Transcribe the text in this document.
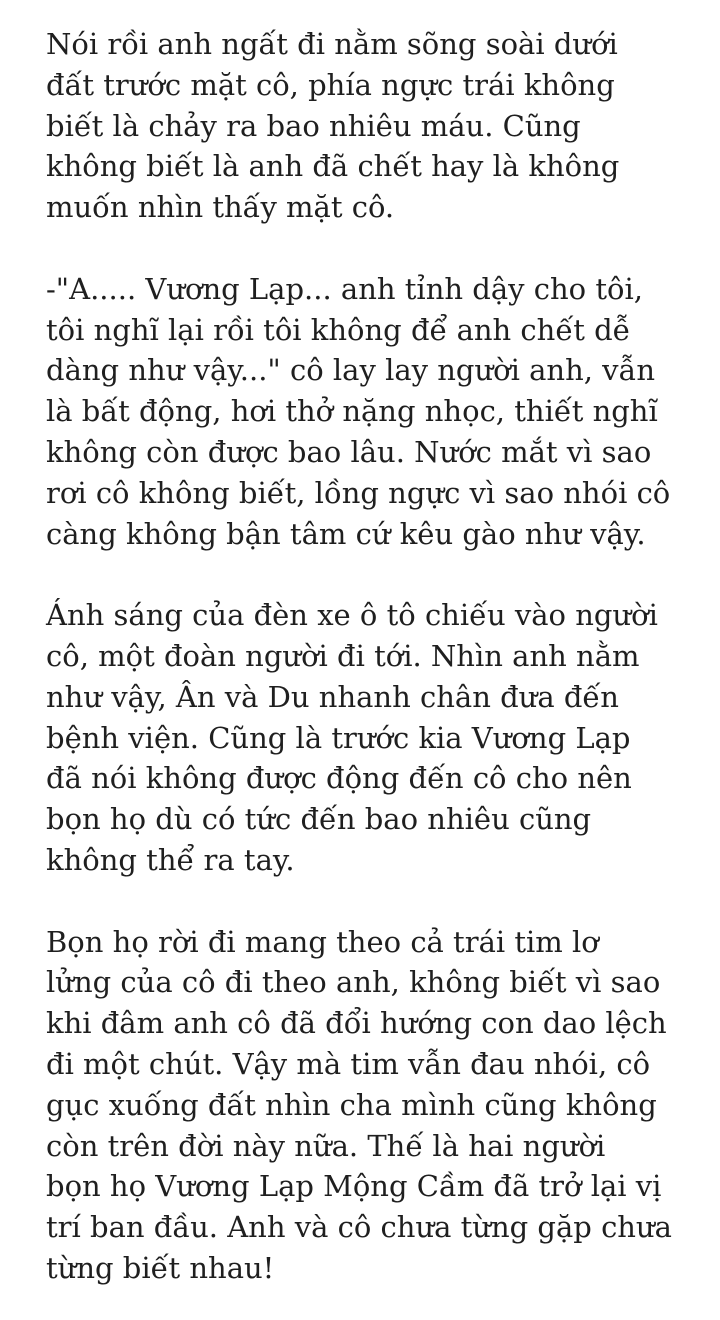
Nói rồi anh ngất đi nằm sõng soài dưới
đất trước mặt cô, phía ngực trái không
biết là chảy ra bao nhiêu máu. Cũng
không biết là anh đã chết hay là không
muốn nhìn thấy mặt cô.

-"A..... Vương Lạp... anh tỉnh dậy cho tôi,
tôi nghĩ lại rồi tôi không để anh chết dễ
dàng như vậy..." cô lay lay người anh, vẫn
là bất động, hơi thở nặng nhọc, thiết nghĩ
không còn được bao lâu. Nước mắt vì sao
rơi cô không biết, lồng ngực vì sao nhói cô
càng không bận tâm cứ kêu gào như vậy.

Ánh sáng của đèn xe ô tô chiếu vào người
cô, một đoàn người đi tới. Nhìn anh nằm
như vậy, Ân và Du nhanh chân đưa đến
bệnh viện. Cũng là trước kia Vương Lạp
đã nói không được động đến cô cho nên
bọn họ dù có tức đến bao nhiêu cũng
không thể ra tay.

Bọn họ rời đi mang theo cả trái tim lơ
lửng của cô đi theo anh, không biết vì sao
khi đâm anh cô đã đổi hướng con dao lệch
đi một chút. Vậy mà tim vẫn đau nhói, cô
gục xuống đất nhìn cha mình cũng không
còn trên đời này nữa. Thế là hai người
bọn họ Vương Lạp Mộng Cầm đã trở lại vị
trí ban đầu. Anh và cô chưa từng gặp chưa
từng biết nhau!
